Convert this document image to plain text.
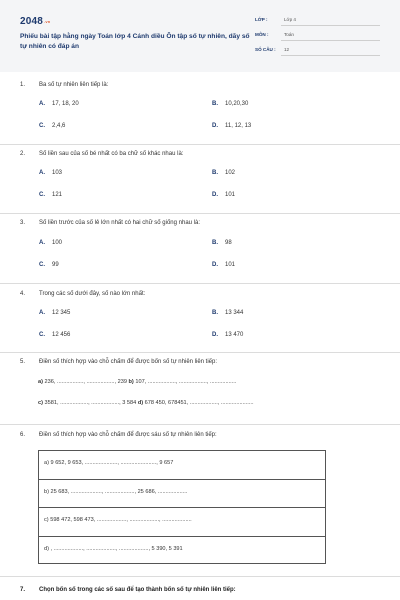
$2048^{.vn}$
Phiếu bài tập hằng ngày Toán lớp 4 Cánh diều Ôn tập số tự nhiên, dãy số tự nhiên có đáp án
LỚP :	Lớp 4
MÔN :	Toán
SỐ CÂU : 12
1. Ba số tự nhiên liên tiếp là:
A. 17, 18, 20	B. 10,20,30
C. 2,4,6	D. 11, 12, 13
2. Số liền sau của số bé nhất có ba chữ số khác nhau là:
A. 103	B. 102
C. 121	D. 101
3. Số liền trước của số lẻ lớn nhất có hai chữ số giống nhau là:
A. 100	B. 98
C. 99	D. 101
4. Trong các số dưới đây, số nào lớn nhất:
A. 12 345	B. 13 344
C. 12 456	D. 13 470
5. Điền số thích hợp vào chỗ chấm để được bốn số tự nhiên liên tiếp:
a) 236, ................., .................., 239 b) 107, .................., .................., .................
c) 3581, .................., .................., 3 584 d) 678 450, 678451, .................., .....................
6. Điền số thích hợp vào chỗ chấm để được sáu số tự nhiên liên tiếp:
a) 9 652, 9 653, ....................., ......................., 9 657
b) 25 683, ...................., ..................., 25 686, ...................
c) 598 472, 598 473, ..................., ..................., ...................
d) , ..................., ..................., ..................., 5 390, 5 391
7. Chọn bốn số trong các số sau để tạo thành bốn số tự nhiên liên tiếp:
